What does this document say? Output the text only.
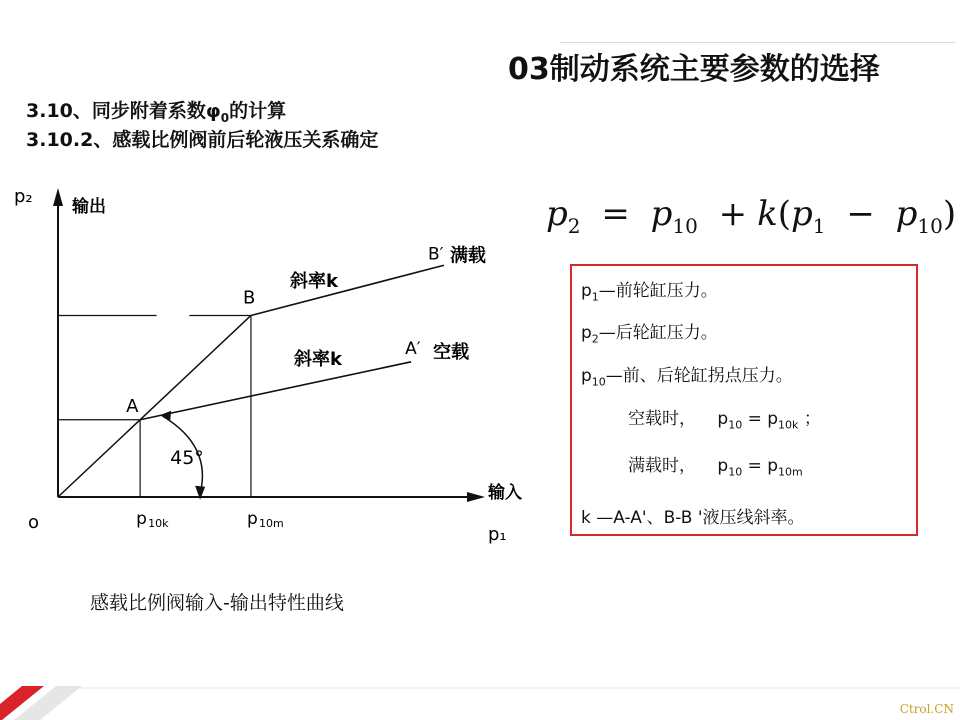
03制动系统主要参数的选择
3.10、同步附着系数$\varphi_0$的计算
3.10.2、感载比例阀前后轮液压关系确定
p₂ 输出
输入
p₁
o
A
B
A′
B′
空载
满载
斜率k
斜率k
p 10k	p 10m
45°
$p_2 = p_{10} + k(p_1 - p_{10})$
$p_1—$前轮缸压力。
$p_2—$后轮缸压力。
$p_{10}—$前、后轮缸拐点压力。
空载时， $p_{10} = p_{10k}$ ；
满载时， $p_{10} = p_{10m}$
k —A-A'、B-B '液压线斜率。
感载比例阀输入-输出特性曲线
Ctrol.CN
